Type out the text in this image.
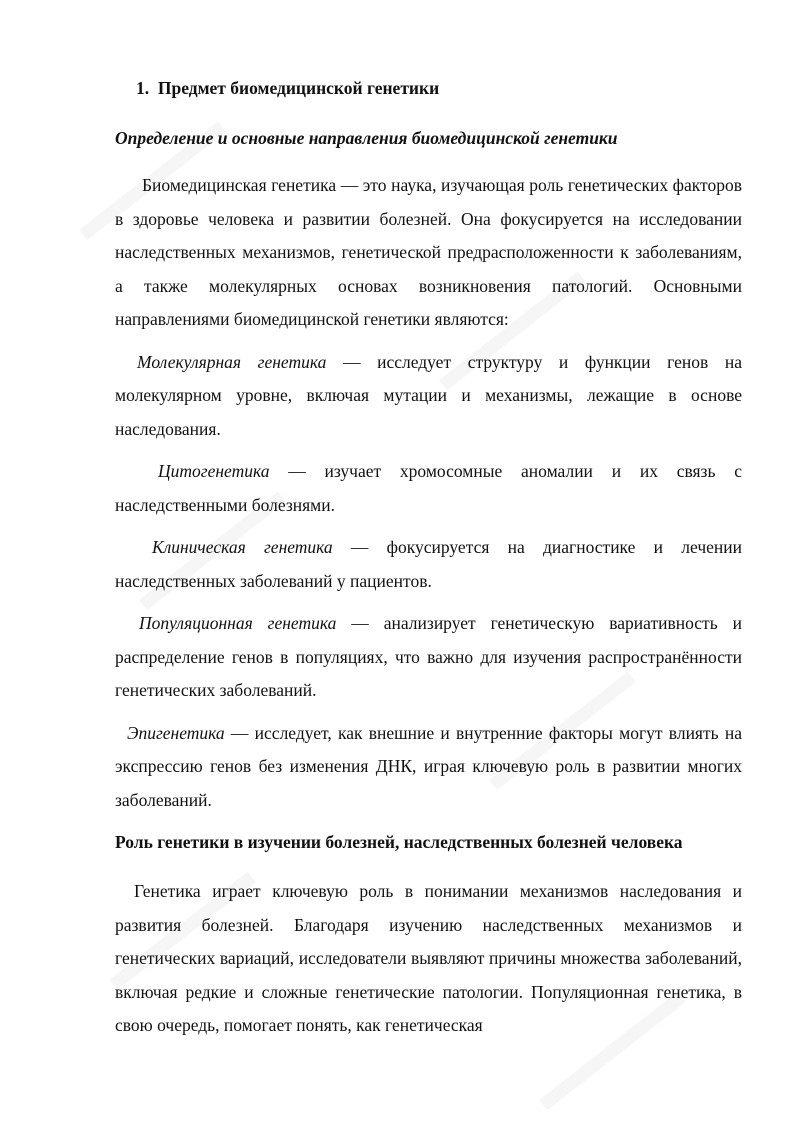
1. Предмет биомедицинской генетики
Определение и основные направления биомедицинской генетики

Биомедицинская генетика — это наука, изучающая роль генетических факторов в здоровье человека и развитии болезней. Она фокусируется на исследовании наследственных механизмов, генетической предрасположенности к заболеваниям, а также молекулярных основах возникновения патологий. Основными направлениями биомедицинской генетики являются:

Молекулярная генетика — исследует структуру и функции генов на молекулярном уровне, включая мутации и механизмы, лежащие в основе наследования.

Цитогенетика — изучает хромосомные аномалии и их связь с наследственными болезнями.

Клиническая генетика — фокусируется на диагностике и лечении наследственных заболеваний у пациентов.

Популяционная генетика — анализирует генетическую вариативность и распределение генов в популяциях, что важно для изучения распространённости генетических заболеваний.

Эпигенетика — исследует, как внешние и внутренние факторы могут влиять на экспрессию генов без изменения ДНК, играя ключевую роль в развитии многих заболеваний.

Роль генетики в изучении болезней, наследственных болезней человека

Генетика играет ключевую роль в понимании механизмов наследования и развития болезней. Благодаря изучению наследственных механизмов и генетических вариаций, исследователи выявляют причины множества заболеваний, включая редкие и сложные генетические патологии. Популяционная генетика, в свою очередь, помогает понять, как генетическая
